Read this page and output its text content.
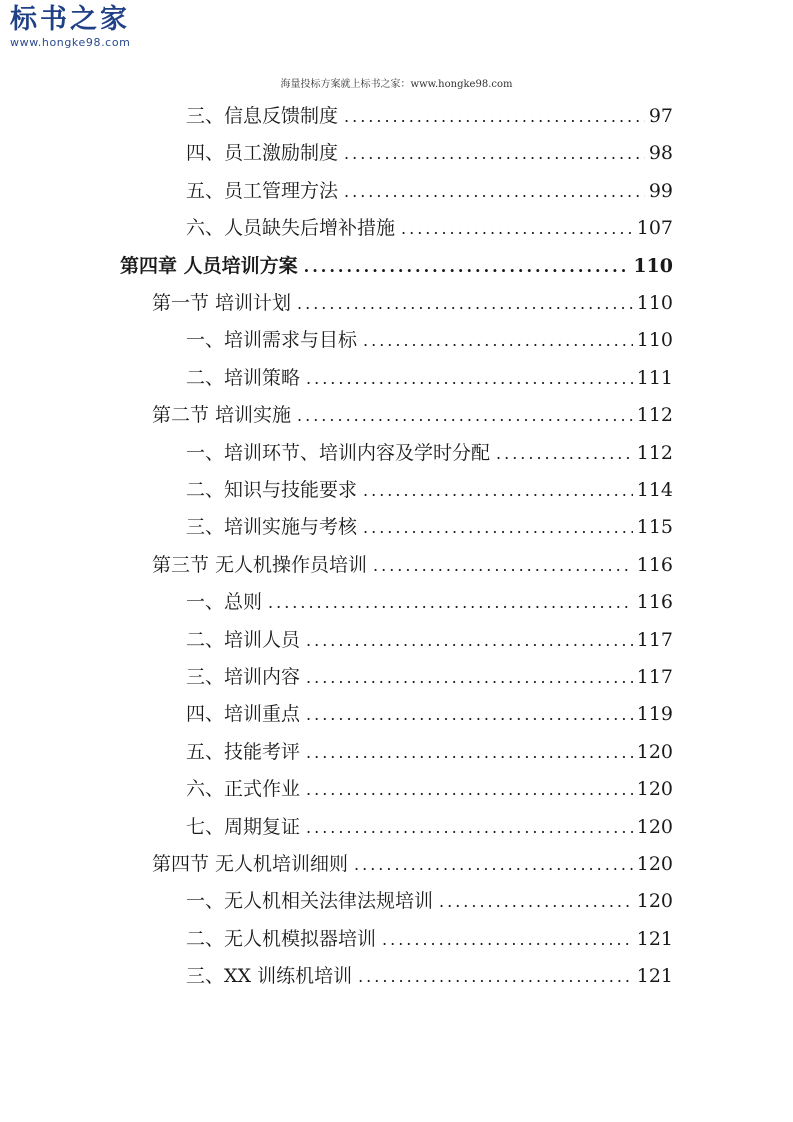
标书之家
www.hongke98.com
海量投标方案就上标书之家：www.hongke98.com
三、信息反馈制度 .....	97
四、员工激励制度 .....	98
五、员工管理方法 .....	99
六、人员缺失后增补措施 .....	107
第四章 人员培训方案 .....	110
第一节 培训计划 .....	110
一、培训需求与目标 .....	110
二、培训策略 .....	111
第二节 培训实施 .....	112
一、培训环节、培训内容及学时分配 .....	112
二、知识与技能要求 .....	114
三、培训实施与考核 .....	115
第三节 无人机操作员培训 .....	116
一、总则 .....	116
二、培训人员 .....	117
三、培训内容 .....	117
四、培训重点 .....	119
五、技能考评 .....	120
六、正式作业 .....	120
七、周期复证 .....	120
第四节 无人机培训细则 .....	120
一、无人机相关法律法规培训 .....	120
二、无人机模拟器培训 .....	121
三、XX 训练机培训 .....	121
